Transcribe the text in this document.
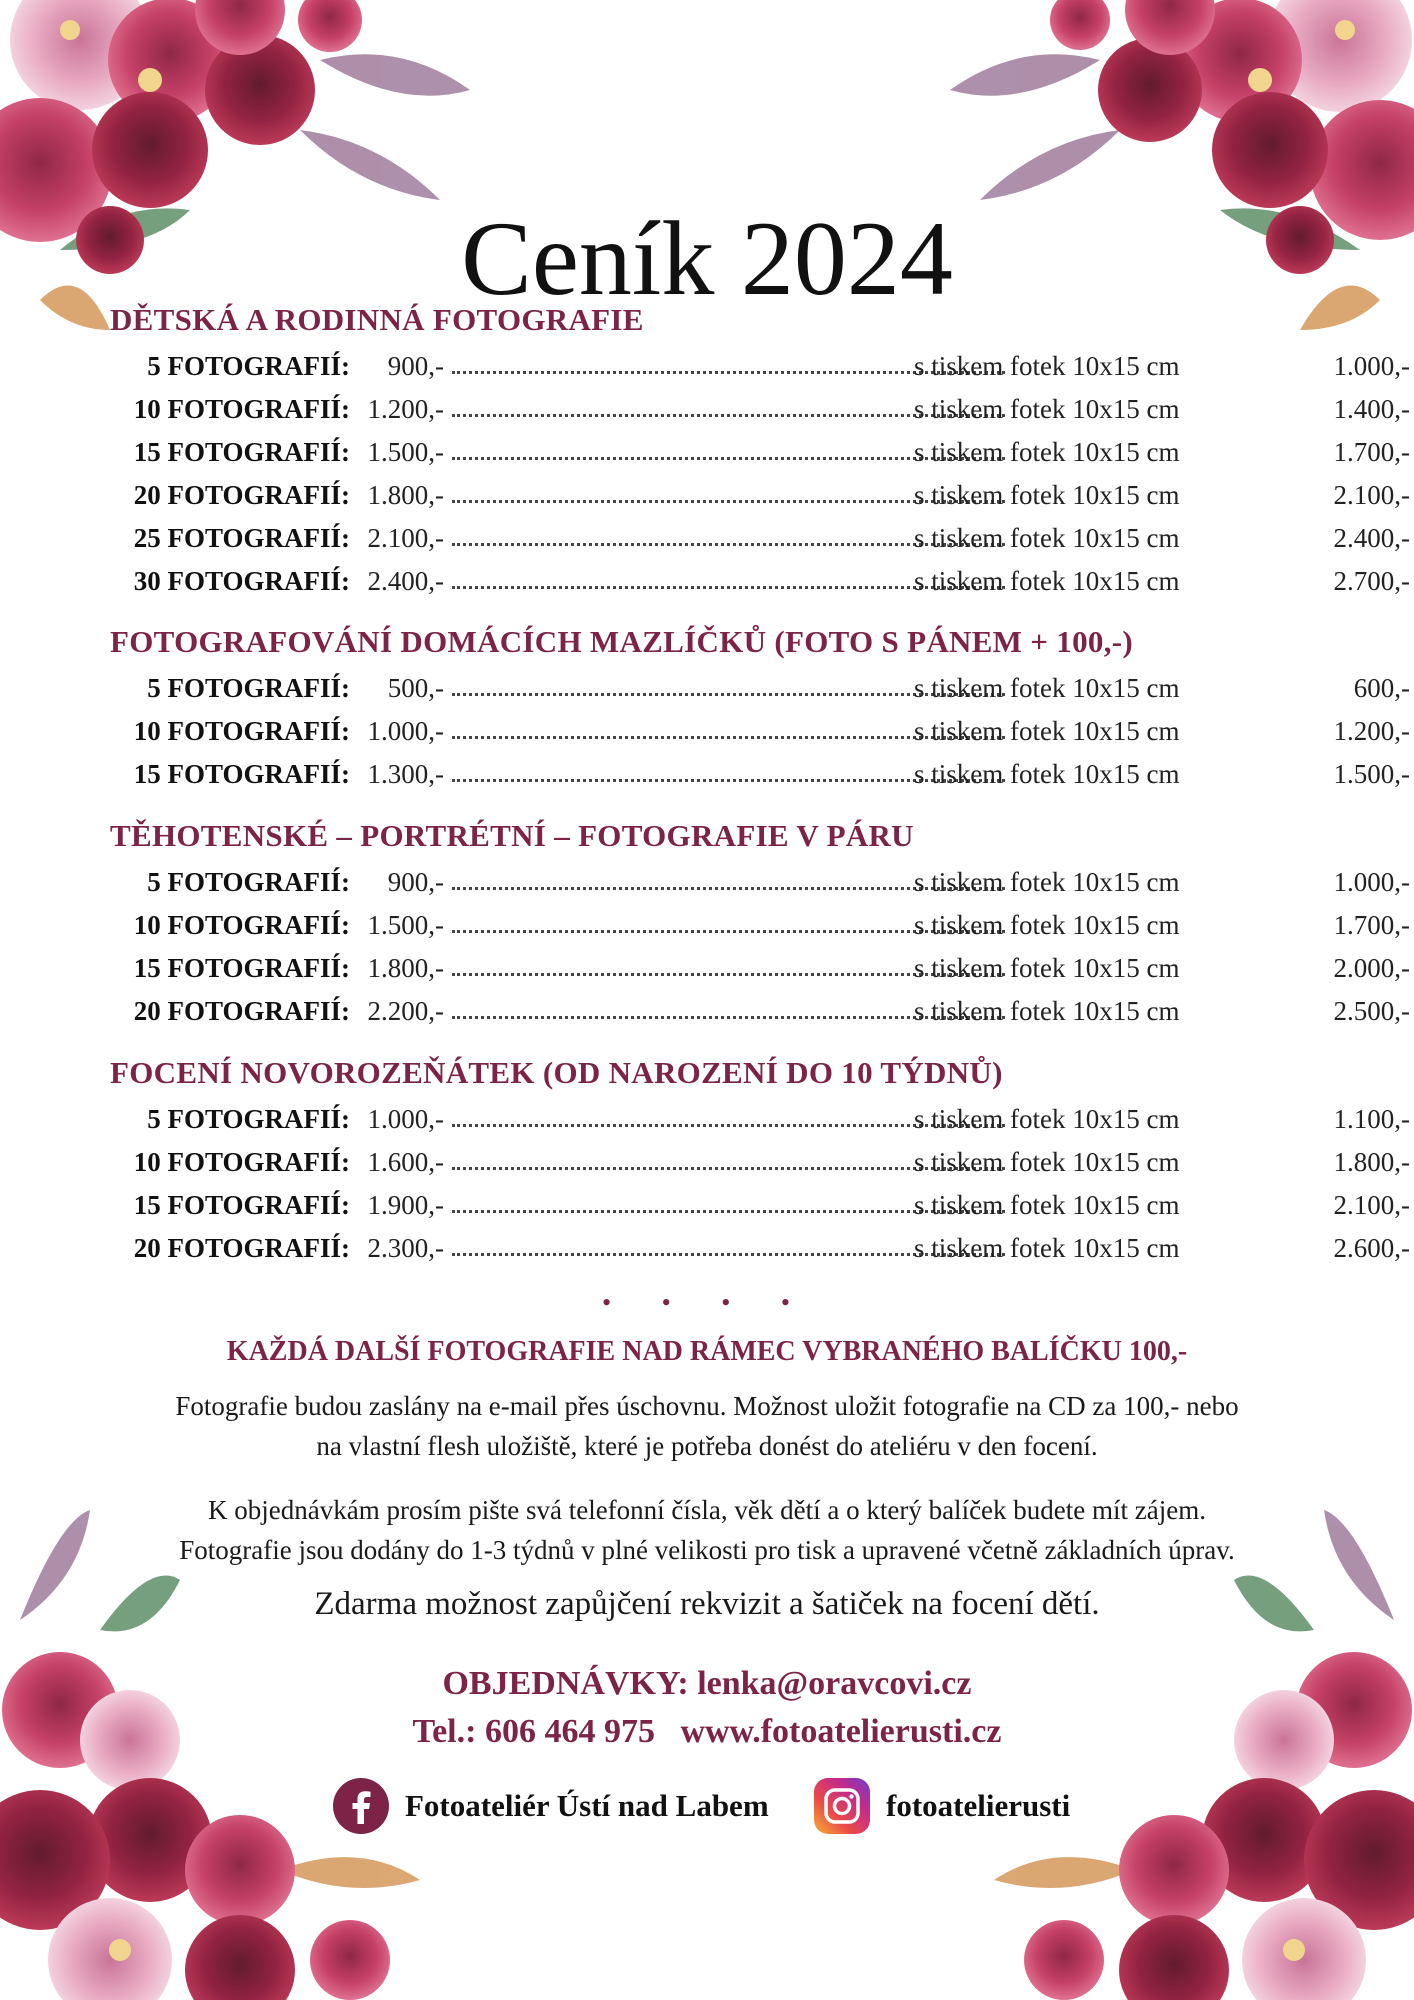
Ceník 2024
DĚTSKÁ A RODINNÁ FOTOGRAFIE
5 FOTOGRAFIÍ:	900,-	s tiskem fotek 10x15 cm	1.000,-
10 FOTOGRAFIÍ: 1.200,-	s tiskem fotek 10x15 cm	1.400,-
15 FOTOGRAFIÍ: 1.500,-	s tiskem fotek 10x15 cm	1.700,-
20 FOTOGRAFIÍ: 1.800,-	s tiskem fotek 10x15 cm	2.100,-
25 FOTOGRAFIÍ: 2.100,-	s tiskem fotek 10x15 cm	2.400,-
30 FOTOGRAFIÍ: 2.400,-	s tiskem fotek 10x15 cm	2.700,-
FOTOGRAFOVÁNÍ DOMÁCÍCH MAZLÍČKŮ (FOTO S PÁNEM + 100,-)
5 FOTOGRAFIÍ:	500,-	s tiskem fotek 10x15 cm	600,-
10 FOTOGRAFIÍ: 1.000,-	s tiskem fotek 10x15 cm	1.200,-
15 FOTOGRAFIÍ: 1.300,-	s tiskem fotek 10x15 cm	1.500,-
TĚHOTENSKÉ – PORTRÉTNÍ – FOTOGRAFIE V PÁRU
5 FOTOGRAFIÍ:	900,-	s tiskem fotek 10x15 cm	1.000,-
10 FOTOGRAFIÍ: 1.500,-	s tiskem fotek 10x15 cm	1.700,-
15 FOTOGRAFIÍ: 1.800,-	s tiskem fotek 10x15 cm	2.000,-
20 FOTOGRAFIÍ: 2.200,-	s tiskem fotek 10x15 cm	2.500,-
FOCENÍ NOVOROZEŇÁTEK (OD NAROZENÍ DO 10 TÝDNŮ)
5 FOTOGRAFIÍ: 1.000,-	s tiskem fotek 10x15 cm	1.100,-
10 FOTOGRAFIÍ: 1.600,-	s tiskem fotek 10x15 cm	1.800,-
15 FOTOGRAFIÍ: 1.900,-	s tiskem fotek 10x15 cm	2.100,-
20 FOTOGRAFIÍ: 2.300,-	s tiskem fotek 10x15 cm	2.600,-
• • • •
KAŽDÁ DALŠÍ FOTOGRAFIE NAD RÁMEC VYBRANÉHO BALÍČKU 100,-
Fotografie budou zaslány na e-mail přes úschovnu. Možnost uložit fotografie na CD za 100,- nebo
na vlastní flesh uložiště, které je potřeba donést do ateliéru v den focení.
K objednávkám prosím pište svá telefonní čísla, věk dětí a o který balíček budete mít zájem.
Fotografie jsou dodány do 1-3 týdnů v plné velikosti pro tisk a upravené včetně základních úprav.
Zdarma možnost zapůjčení rekvizit a šatiček na focení dětí.
OBJEDNÁVKY: lenka@oravcovi.cz
Tel.: 606 464 975   www.fotoatelierusti.cz
Fotoateliér Ústí nad Labem	fotoatelierusti
